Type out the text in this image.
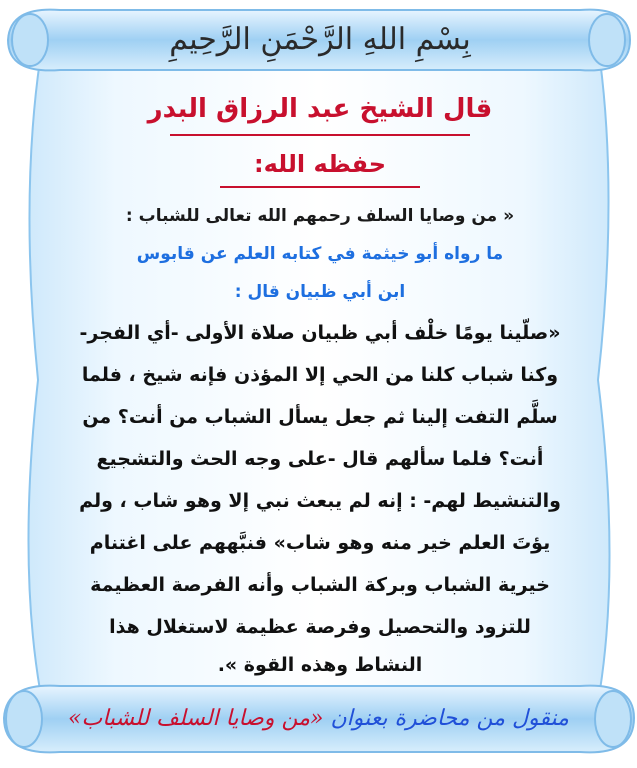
بِسْمِ اللهِ الرَّحْمَنِ الرَّحِيمِ
قال الشيخ عبد الرزاق البدر
حفظه الله:
« من وصايا السلف رحمهم الله تعالى للشباب :
ما رواه أبو خيثمة في كتابه العلم عن قابوس
ابن أبي ظبيان قال :
«صلّينا يومًا خلْف أبي ظبيان صلاة الأولى -أي الفجر-
وكنا شباب كلنا من الحي إلا المؤذن فإنه شيخ ، فلما
سلَّم التفت إلينا ثم جعل يسأل الشباب من أنت؟ من
أنت؟ فلما سألهم قال -على وجه الحث والتشجيع
والتنشيط لهم- : إنه لم يبعث نبي إلا وهو شاب ، ولم
يؤتَ العلم خير منه وهو شاب» فنبَّههم على اغتنام
خيرية الشباب وبركة الشباب وأنه الفرصة العظيمة
للتزود والتحصيل وفرصة عظيمة لاستغلال هذا
النشاط وهذه القوة ».
منقول من محاضرة بعنوان «من وصايا السلف للشباب»
